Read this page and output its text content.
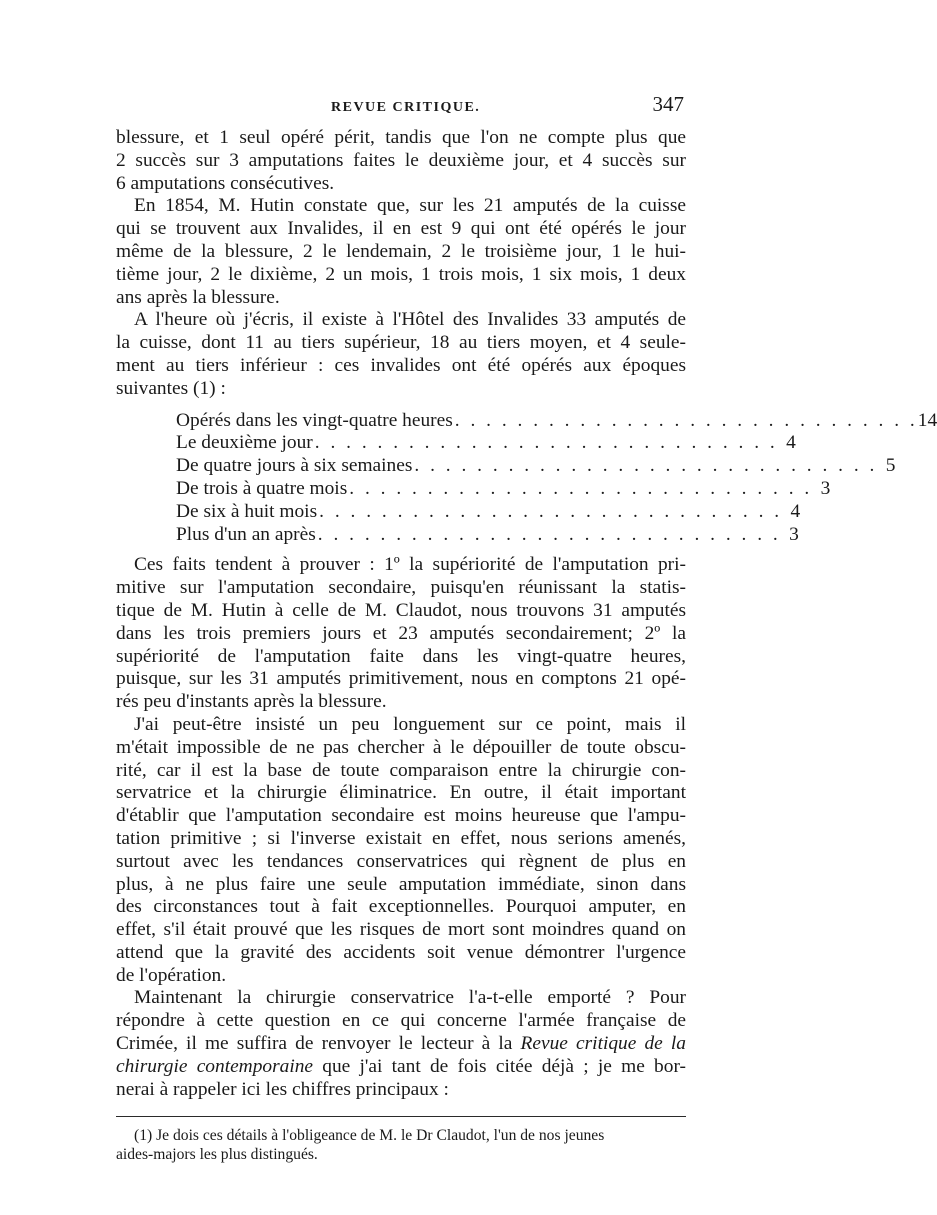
REVUE CRITIQUE.	347
blessure, et 1 seul opéré périt, tandis que l'on ne compte plus que
2 succès sur 3 amputations faites le deuxième jour, et 4 succès sur
6 amputations consécutives.
En 1854, M. Hutin constate que, sur les 21 amputés de la cuisse
qui se trouvent aux Invalides, il en est 9 qui ont été opérés le jour
même de la blessure, 2 le lendemain, 2 le troisième jour, 1 le hui-
tième jour, 2 le dixième, 2 un mois, 1 trois mois, 1 six mois, 1 deux
ans après la blessure.
A l'heure où j'écris, il existe à l'Hôtel des Invalides 33 amputés de
la cuisse, dont 11 au tiers supérieur, 18 au tiers moyen, et 4 seule-
ment au tiers inférieur : ces invalides ont été opérés aux époques
suivantes (1) :
Opérés dans les vingt-quatre heures . . . . . . . . . . . . . . . . . . . . . . . . . . . . . . 14
Le deuxième jour . . . . . . . . . . . . . . . . . . . . . . . . . . . . . . 4
De quatre jours à six semaines . . . . . . . . . . . . . . . . . . . . . . . . . . . . . . 5
De trois à quatre mois . . . . . . . . . . . . . . . . . . . . . . . . . . . . . . 3
De six à huit mois . . . . . . . . . . . . . . . . . . . . . . . . . . . . . . 4
Plus d'un an après . . . . . . . . . . . . . . . . . . . . . . . . . . . . . . 3
Ces faits tendent à prouver : 1º la supériorité de l'amputation pri-
mitive sur l'amputation secondaire, puisqu'en réunissant la statis-
tique de M. Hutin à celle de M. Claudot, nous trouvons 31 amputés
dans les trois premiers jours et 23 amputés secondairement; 2º la
supériorité de l'amputation faite dans les vingt-quatre heures,
puisque, sur les 31 amputés primitivement, nous en comptons 21 opé-
rés peu d'instants après la blessure.
J'ai peut-être insisté un peu longuement sur ce point, mais il
m'était impossible de ne pas chercher à le dépouiller de toute obscu-
rité, car il est la base de toute comparaison entre la chirurgie con-
servatrice et la chirurgie éliminatrice. En outre, il était important
d'établir que l'amputation secondaire est moins heureuse que l'ampu-
tation primitive ; si l'inverse existait en effet, nous serions amenés,
surtout avec les tendances conservatrices qui règnent de plus en
plus, à ne plus faire une seule amputation immédiate, sinon dans
des circonstances tout à fait exceptionnelles. Pourquoi amputer, en
effet, s'il était prouvé que les risques de mort sont moindres quand on
attend que la gravité des accidents soit venue démontrer l'urgence
de l'opération.
Maintenant la chirurgie conservatrice l'a-t-elle emporté ? Pour
répondre à cette question en ce qui concerne l'armée française de
Crimée, il me suffira de renvoyer le lecteur à la Revue critique de la
chirurgie contemporaine que j'ai tant de fois citée déjà ; je me bor-
nerai à rappeler ici les chiffres principaux :
(1) Je dois ces détails à l'obligeance de M. le Dr Claudot, l'un de nos jeunes
aides-majors les plus distingués.
